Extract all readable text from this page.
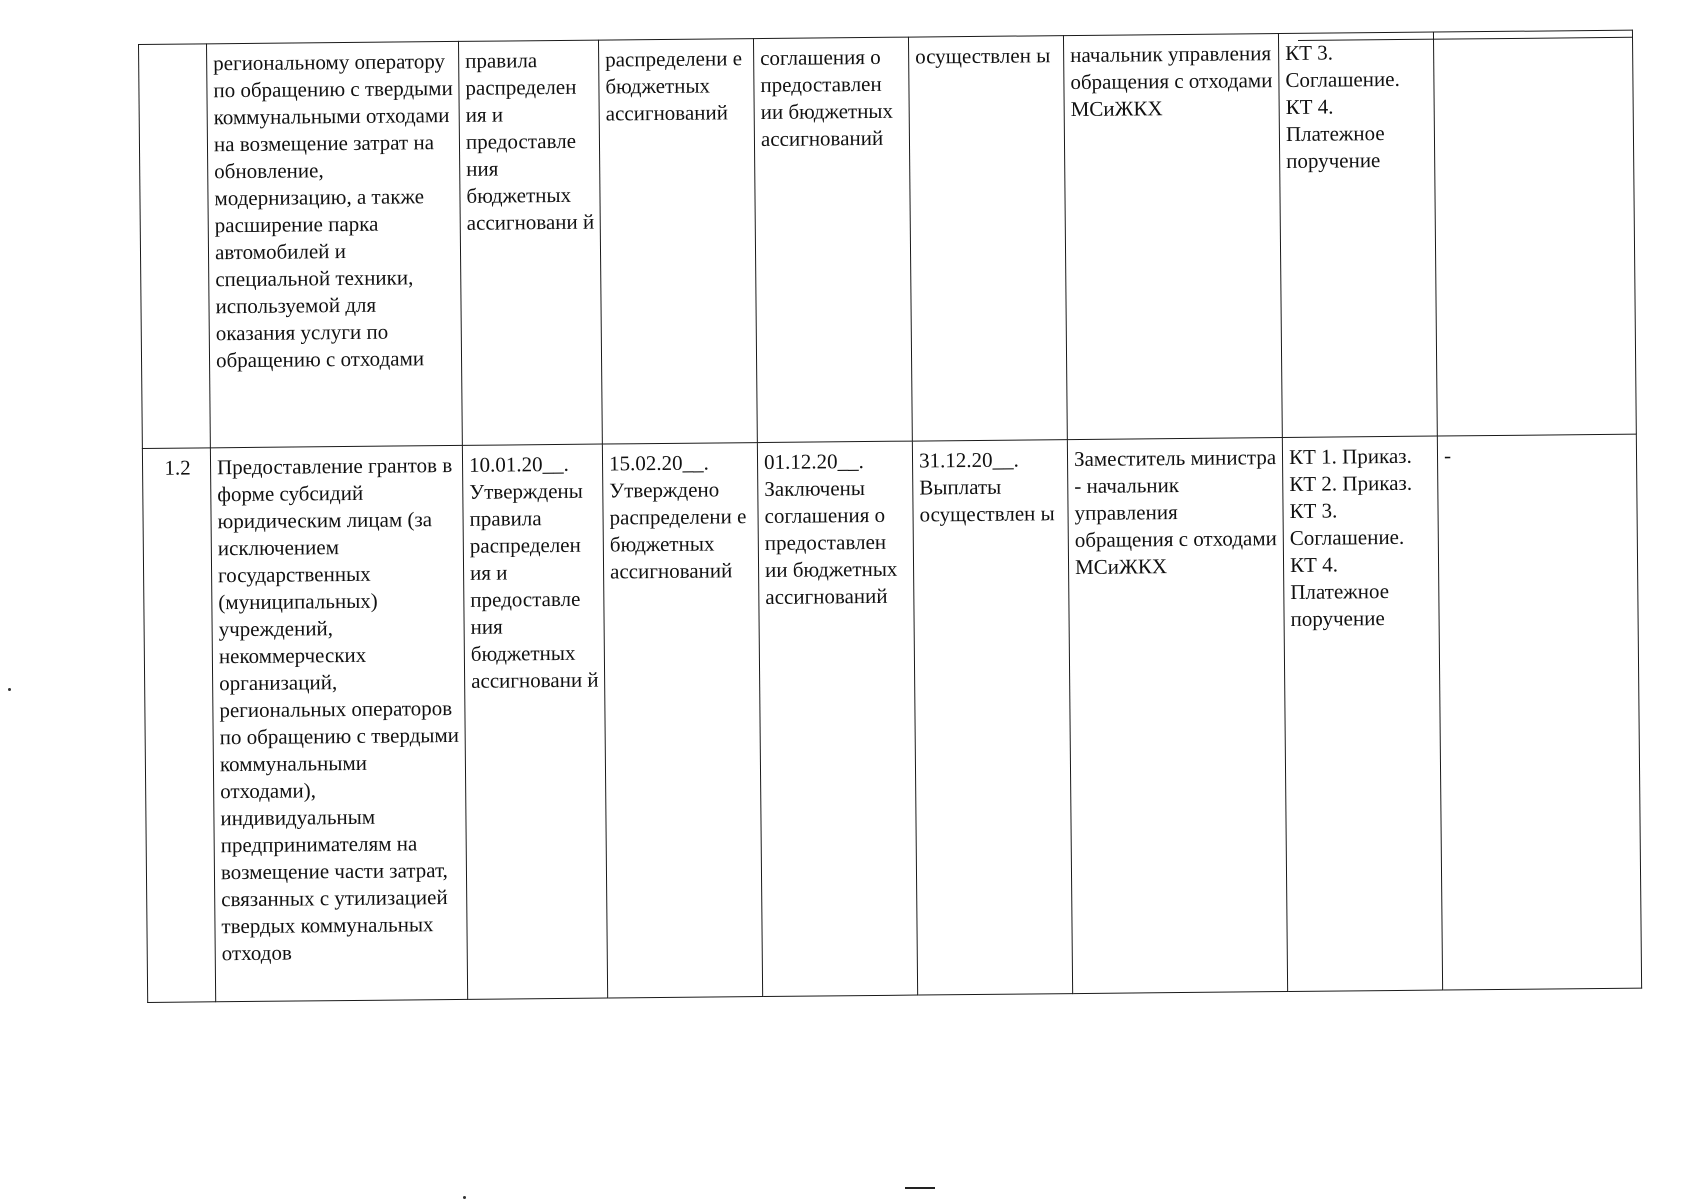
	региональному оператору по обращению с твердыми коммунальными отходами на возмещение затрат на обновление, модернизацию, а также расширение парка автомобилей и специальной техники, используемой для оказания услуги по обращению с отходами	правила распределен ия и предоставле ния бюджетных ассигновани й	распределени е бюджетных ассигнований	соглашения о предоставлен ии бюджетных ассигнований	осуществлен ы	начальник управления обращения с отходами МСиЖКХ	КТ 3. Соглашение. КТ 4. Платежное поручение	
1.2	Предоставление грантов в форме субсидий юридическим лицам (за исключением государственных (муниципальных) учреждений, некоммерческих организаций, региональных операторов по обращению с твердыми коммунальными отходами), индивидуальным предпринимателям на возмещение части затрат, связанных с утилизацией твердых коммунальных отходов	10.01.20__. Утверждены правила распределен ия и предоставле ния бюджетных ассигновани й	15.02.20__. Утверждено распределени е бюджетных ассигнований	01.12.20__. Заключены соглашения о предоставлен ии бюджетных ассигнований	31.12.20__. Выплаты осуществлен ы	Заместитель министра - начальник управления обращения с отходами МСиЖКХ	КТ 1. Приказ. КТ 2. Приказ. КТ 3. Соглашение. КТ 4. Платежное поручение	-
